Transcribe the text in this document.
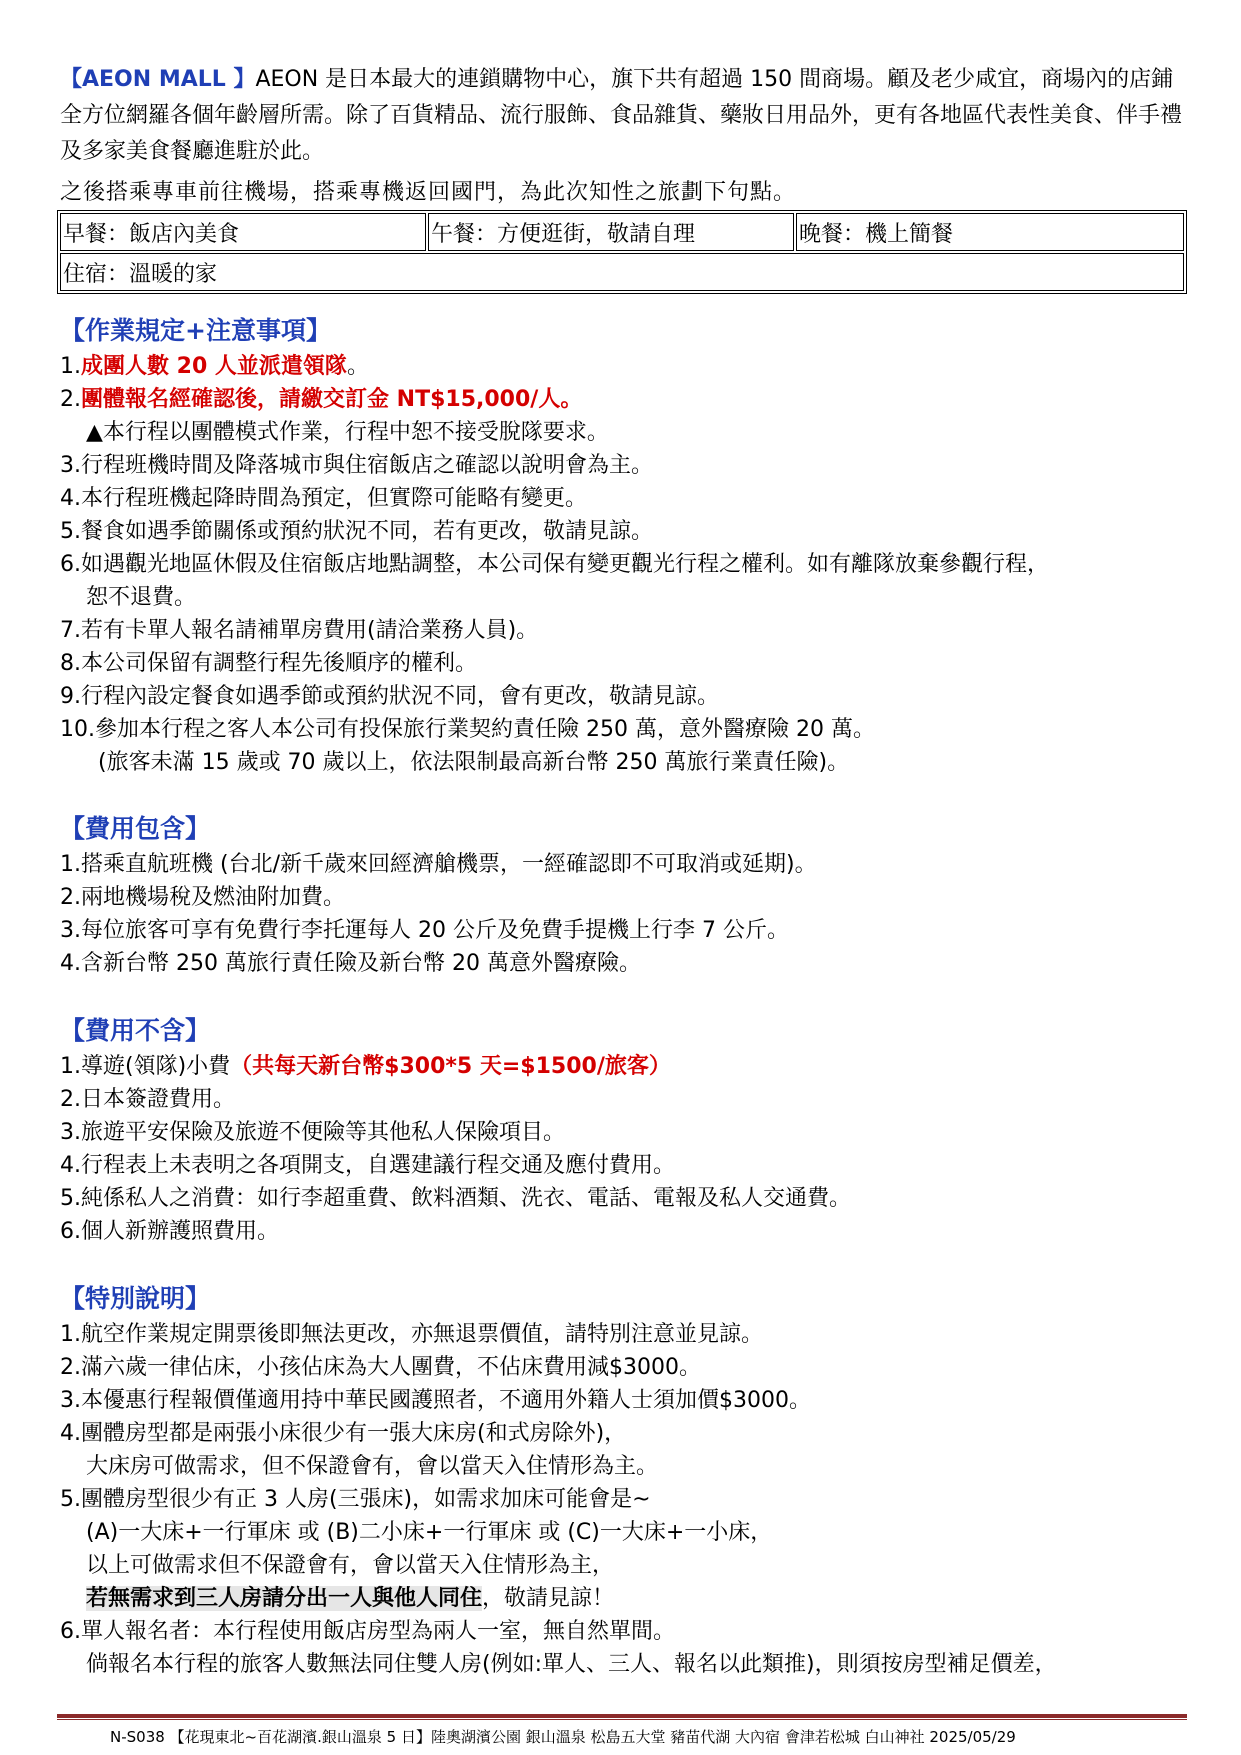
【AEON MALL 】AEON 是日本最大的連鎖購物中心，旗下共有超過 150 間商場。顧及老少咸宜，商場內的店鋪全方位網羅各個年齡層所需。除了百貨精品、流行服飾、食品雜貨、藥妝日用品外，更有各地區代表性美食、伴手禮及多家美食餐廳進駐於此。
之後搭乘專車前往機場，搭乘專機返回國門，為此次知性之旅劃下句點。
早餐：飯店內美食	午餐：方便逛街，敬請自理	晚餐：機上簡餐
住宿：溫暖的家
【作業規定+注意事項】
1.成團人數 20 人並派遣領隊。
2.團體報名經確認後，請繳交訂金 NT$15,000/人。
▲本行程以團體模式作業，行程中恕不接受脫隊要求。
3.行程班機時間及降落城市與住宿飯店之確認以說明會為主。
4.本行程班機起降時間為預定，但實際可能略有變更。
5.餐食如遇季節關係或預約狀況不同，若有更改，敬請見諒。
6.如遇觀光地區休假及住宿飯店地點調整，本公司保有變更觀光行程之權利。如有離隊放棄參觀行程，
恕不退費。
7.若有卡單人報名請補單房費用(請洽業務人員)。
8.本公司保留有調整行程先後順序的權利。
9.行程內設定餐食如遇季節或預約狀況不同，會有更改，敬請見諒。
10.參加本行程之客人本公司有投保旅行業契約責任險 250 萬，意外醫療險 20 萬。
(旅客未滿 15 歲或 70 歲以上，依法限制最高新台幣 250 萬旅行業責任險)。
【費用包含】
1.搭乘直航班機 (台北/新千歲來回經濟艙機票，一經確認即不可取消或延期)。
2.兩地機場稅及燃油附加費。
3.每位旅客可享有免費行李托運每人 20 公斤及免費手提機上行李 7 公斤。
4.含新台幣 250 萬旅行責任險及新台幣 20 萬意外醫療險。
【費用不含】
1.導遊(領隊)小費（共每天新台幣$300*5 天=$1500/旅客）
2.日本簽證費用。
3.旅遊平安保險及旅遊不便險等其他私人保險項目。
4.行程表上未表明之各項開支，自選建議行程交通及應付費用。
5.純係私人之消費：如行李超重費、飲料酒類、洗衣、電話、電報及私人交通費。
6.個人新辦護照費用。
【特別說明】
1.航空作業規定開票後即無法更改，亦無退票價值，請特別注意並見諒。
2.滿六歲一律佔床，小孩佔床為大人團費，不佔床費用減$3000。
3.本優惠行程報價僅適用持中華民國護照者，不適用外籍人士須加價$3000。
4.團體房型都是兩張小床很少有一張大床房(和式房除外)，
大床房可做需求，但不保證會有，會以當天入住情形為主。
5.團體房型很少有正 3 人房(三張床)，如需求加床可能會是~
(A)一大床+一行軍床 或 (B)二小床+一行軍床 或 (C)一大床+一小床，
以上可做需求但不保證會有，會以當天入住情形為主，
若無需求到三人房請分出一人與他人同住，敬請見諒！
6.單人報名者：本行程使用飯店房型為兩人一室，無自然單間。
倘報名本行程的旅客人數無法同住雙人房(例如:單人、三人、報名以此類推)，則須按房型補足價差，
N-S038 【花現東北~百花湖濱.銀山溫泉 5 日】陸奧湖濱公園 銀山溫泉 松島五大堂 豬苗代湖 大內宿 會津若松城 白山神社 2025/05/29
